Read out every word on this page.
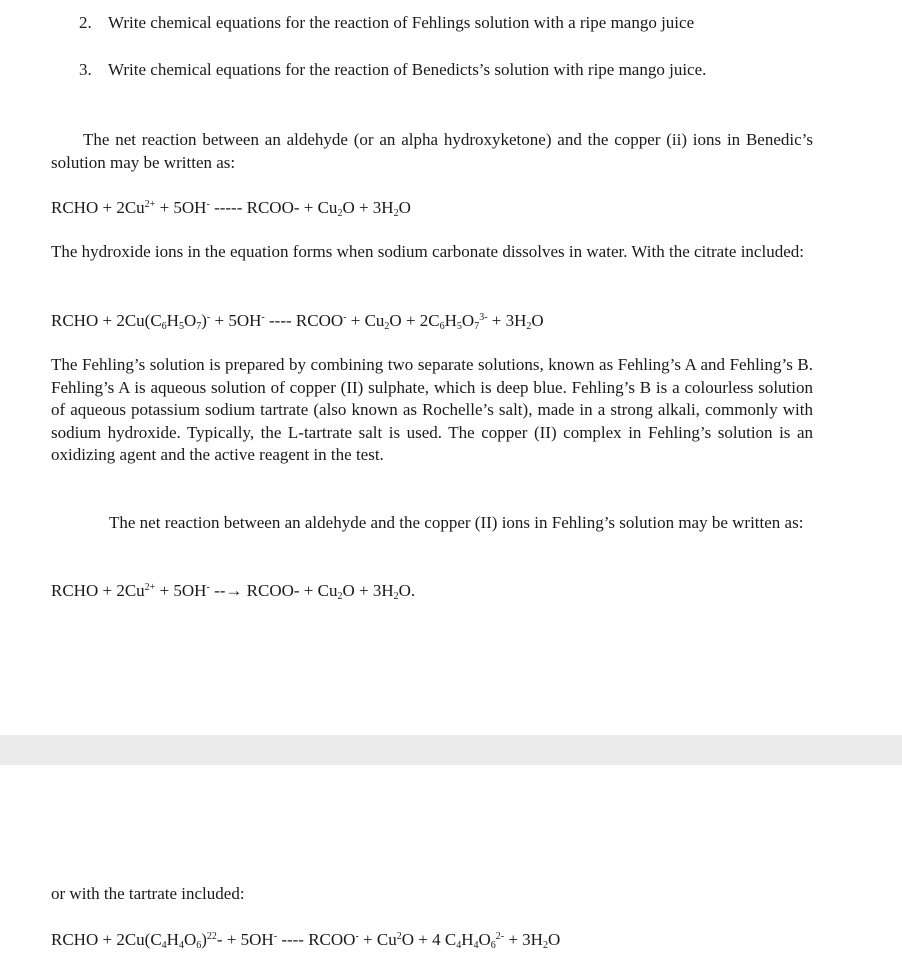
2. Write chemical equations for the reaction of Fehlings solution with a ripe mango juice
3. Write chemical equations for the reaction of Benedicts’s solution with ripe mango juice.

The net reaction between an aldehyde (or an alpha hydroxyketone) and the copper (ii) ions in Benedic’s solution may be written as:

RCHO + $2Cu^{2+} + 5OH^-$ ----- RCOO- + $Cu_2O + 3H_2O$

The hydroxide ions in the equation forms when sodium carbonate dissolves in water. With the citrate included:

RCHO + $2Cu(C_6H_5O_7)^- + 5OH^-$ ---- RCOO- + $Cu_2O + 2C_6H_5O_7^{3-} + 3H_2O$

The Fehling’s solution is prepared by combining two separate solutions, known as Fehling’s A and Fehling’s B. Fehling’s A is aqueous solution of copper (II) sulphate, which is deep blue. Fehling’s B is a colourless solution of aqueous potassium sodium tartrate (also known as Rochelle’s salt), made in a strong alkali, commonly with sodium hydroxide. Typically, the L-tartrate salt is used. The copper (II) complex in Fehling’s solution is an oxidizing agent and the active reagent in the test.

The net reaction between an aldehyde and the copper (II) ions in Fehling’s solution may be written as:

RCHO + $2Cu^{2+} + 5OH^-$ --→ RCOO- + $Cu_2O + 3H_2O$.
or with the tartrate included:
RCHO + $2Cu(C_4H_4O_6)^{22}- + 5OH^-$ ---- RCOO- + $Cu^2O + 4$ $C_4H_4O_6^{2-} + 3H_2O$
